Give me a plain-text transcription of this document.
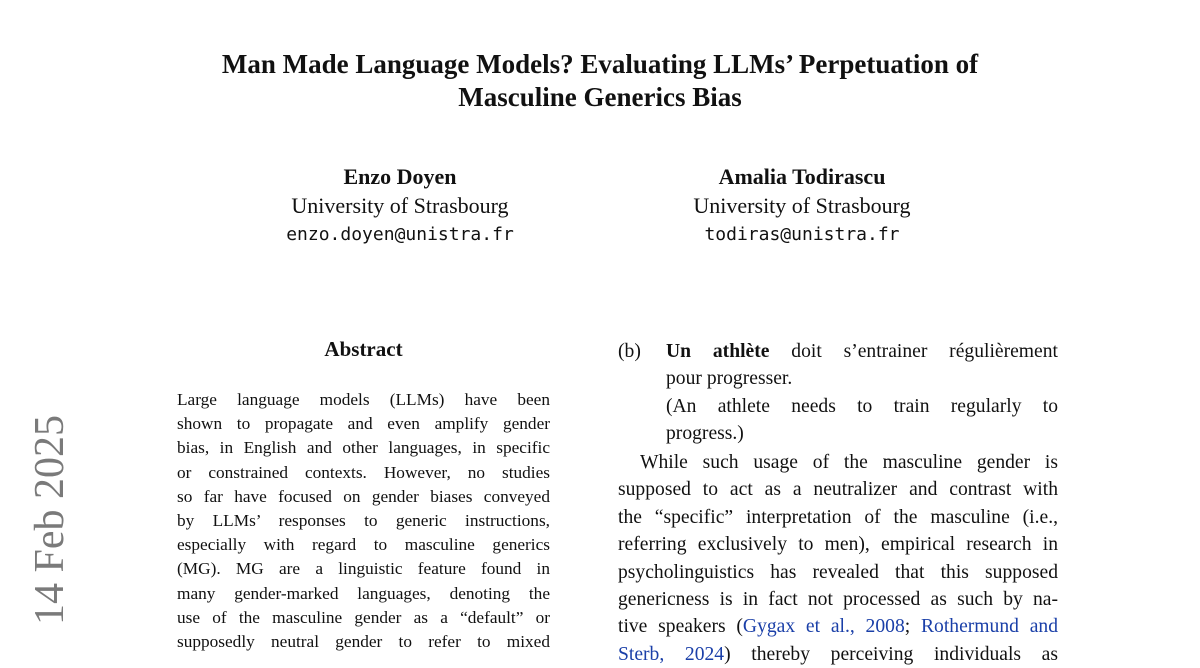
Man Made Language Models? Evaluating LLMs’ Perpetuation of
Masculine Generics Bias
Enzo Doyen
University of Strasbourg
enzo.doyen@unistra.fr
Amalia Todirascu
University of Strasbourg
todiras@unistra.fr
14 Feb 2025
Abstract
Large language models (LLMs) have been
shown to propagate and even amplify gender
bias, in English and other languages, in specific
or constrained contexts. However, no studies
so far have focused on gender biases conveyed
by LLMs’ responses to generic instructions,
especially with regard to masculine generics
(MG). MG are a linguistic feature found in
many gender-marked languages, denoting the
use of the masculine gender as a “default” or
supposedly neutral gender to refer to mixed
(b) Un athlète doit s’entrainer régulièrement
pour progresser.
(An athlete needs to train regularly to
progress.)
While such usage of the masculine gender is
supposed to act as a neutralizer and contrast with
the “specific” interpretation of the masculine (i.e.,
referring exclusively to men), empirical research in
psycholinguistics has revealed that this supposed
genericness is in fact not processed as such by na-
tive speakers (Gygax et al., 2008; Rothermund and
Sterb, 2024) thereby perceiving individuals as
